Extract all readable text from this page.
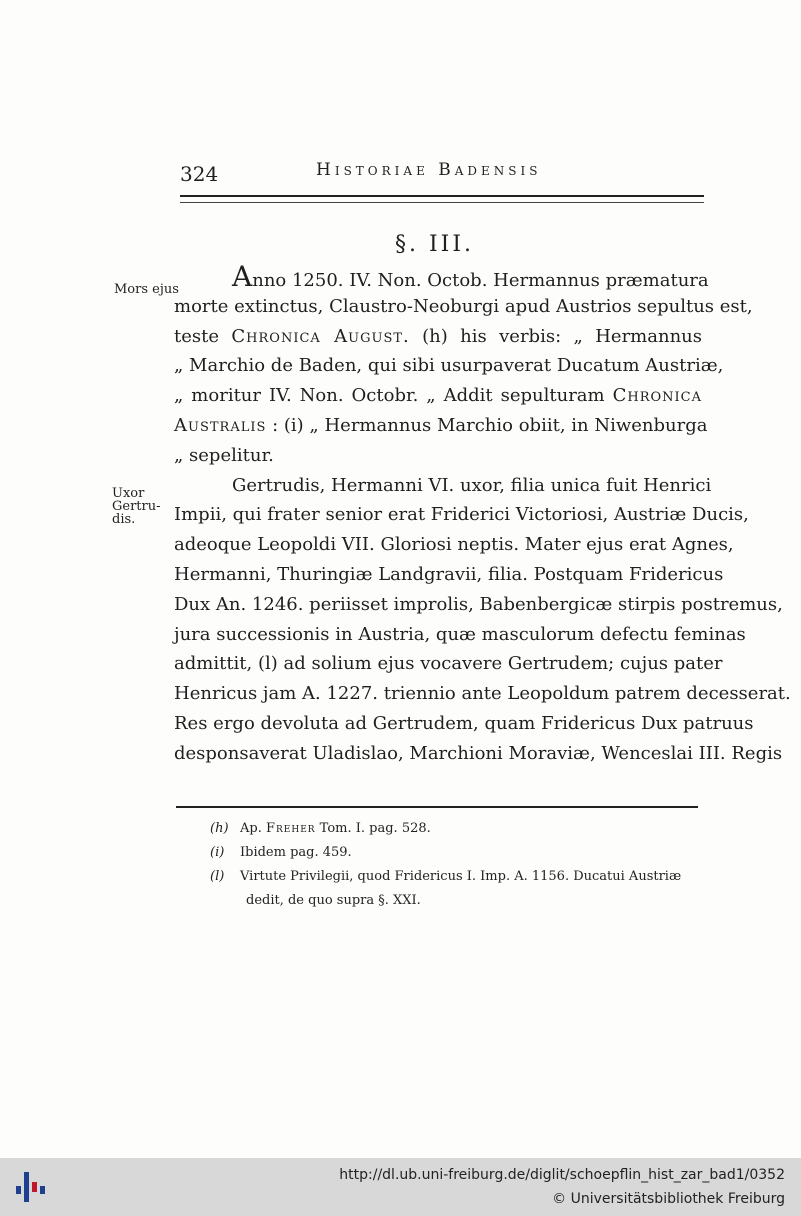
324	Historiae Badensis
§. III.
Mors ejus
Uxor
Gertru-
dis.
Anno 1250. IV. Non. Octob. Hermannus præmatura
morte extinctus, Claustro-Neoburgi apud Austrios sepultus est,
teste Chronica August. (h) his verbis: „ Hermannus
„ Marchio de Baden, qui sibi usurpaverat Ducatum Austriæ,
„ moritur IV. Non. Octobr. „ Addit sepulturam Chronica
Australis : (i) „ Hermannus Marchio obiit, in Niwenburga
„ sepelitur.
Gertrudis, Hermanni VI. uxor, filia unica fuit Henrici
Impii, qui frater senior erat Friderici Victoriosi, Austriæ Ducis,
adeoque Leopoldi VII. Gloriosi neptis. Mater ejus erat Agnes,
Hermanni, Thuringiæ Landgravii, filia. Postquam Fridericus
Dux An. 1246. periisset improlis, Babenbergicæ stirpis postremus,
jura successionis in Austria, quæ masculorum defectu feminas
admittit, (l) ad solium ejus vocavere Gertrudem; cujus pater
Henricus jam A. 1227. triennio ante Leopoldum patrem decesserat.
Res ergo devoluta ad Gertrudem, quam Fridericus Dux patruus
desponsaverat Uladislao, Marchioni Moraviæ, Wenceslai III. Regis
(h) Ap. Freher Tom. I. pag. 528.
(i) Ibidem pag. 459.
(l) Virtute Privilegii, quod Fridericus I. Imp. A. 1156. Ducatui Austriæ
dedit, de quo supra §. XXI.
http://dl.ub.uni-freiburg.de/diglit/schoepflin_hist_zar_bad1/0352
© Universitätsbibliothek Freiburg
